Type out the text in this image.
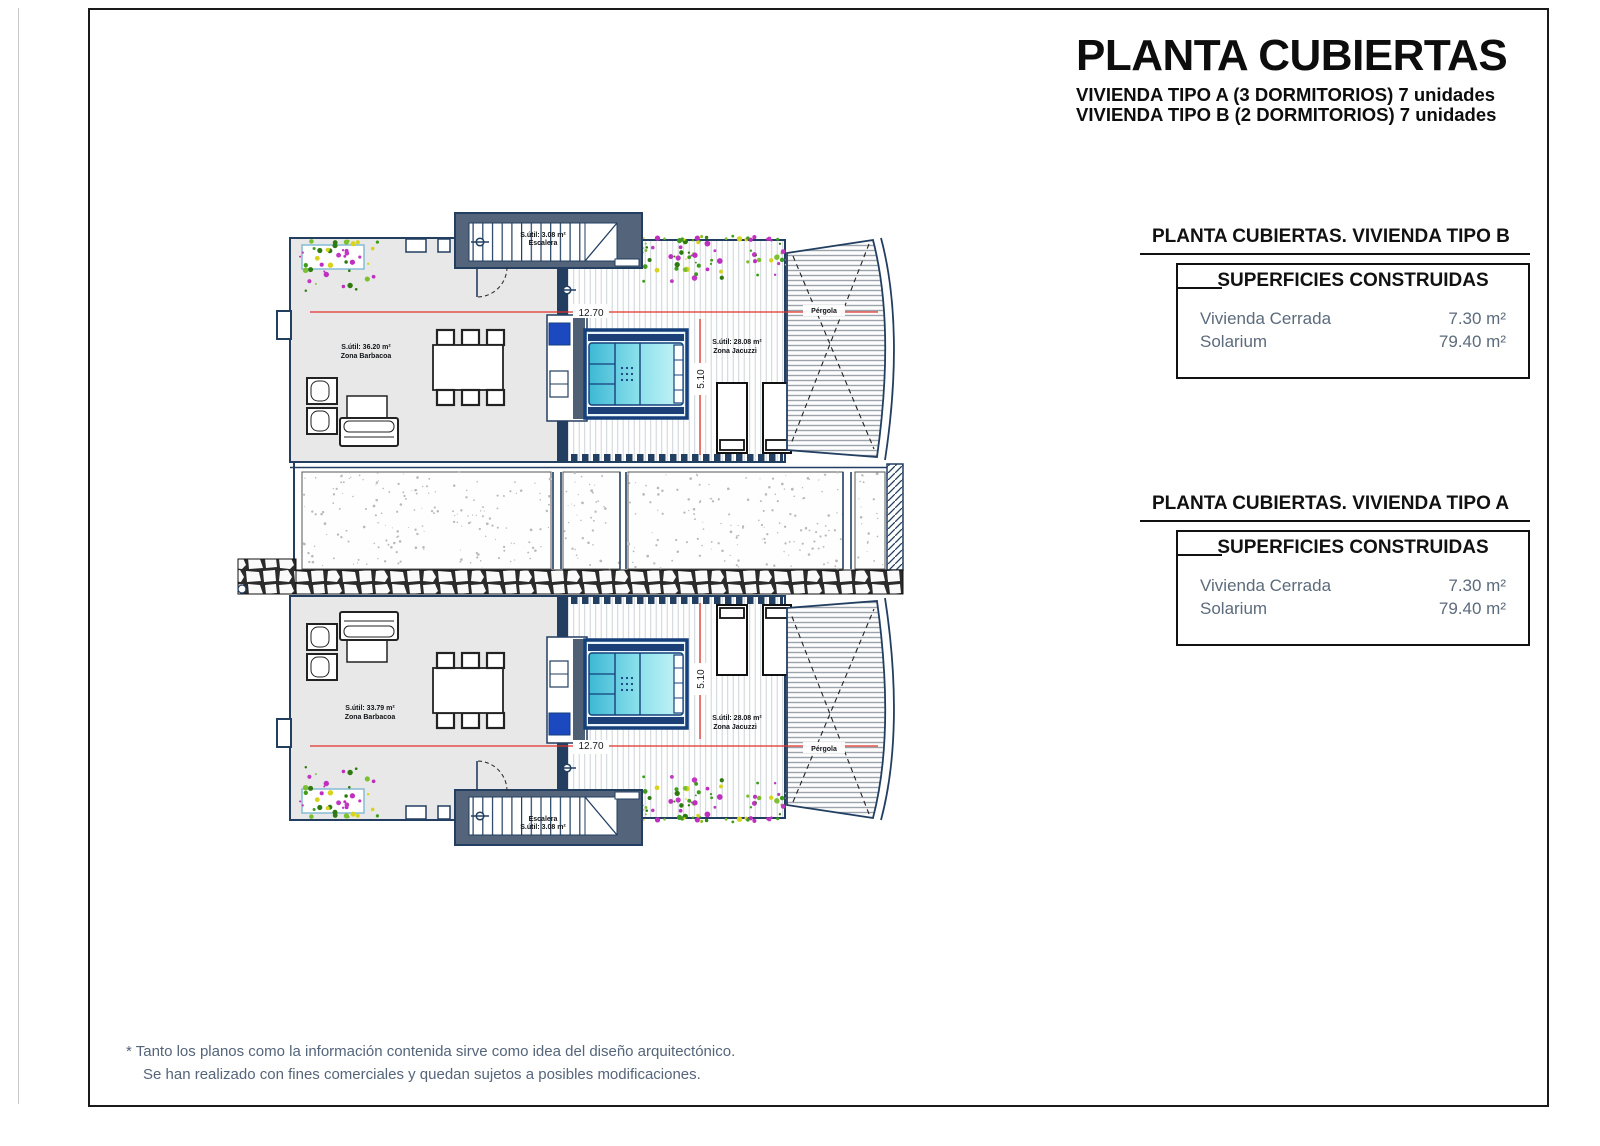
PLANTA CUBIERTAS
VIVIENDA TIPO A (3 DORMITORIOS) 7 unidades
VIVIENDA TIPO B (2 DORMITORIOS) 7 unidades
PLANTA CUBIERTAS. VIVIENDA TIPO B
SUPERFICIES CONSTRUIDAS
Vivienda Cerrada	7.30 m²
Solarium	79.40 m²
PLANTA CUBIERTAS. VIVIENDA TIPO A
SUPERFICIES CONSTRUIDAS
Vivienda Cerrada	7.30 m²
Solarium	79.40 m²
S.útil: 3.08 m²
Escalera
S.útil: 36.20 m²
Zona Barbacoa
S.útil: 28.08 m²
Zona Jacuzzi
Pérgola
12.70
5.10
Escalera
S.útil: 3.08 m²
S.útil: 33.79 m²
Zona Barbacoa	S.útil: 28.08 m²
Zona Jacuzzi
Pérgola
12.70
5.10
* Tanto los planos como la información contenida sirve como idea del diseño arquitectónico.
Se han realizado con fines comerciales y quedan sujetos a posibles modificaciones.
